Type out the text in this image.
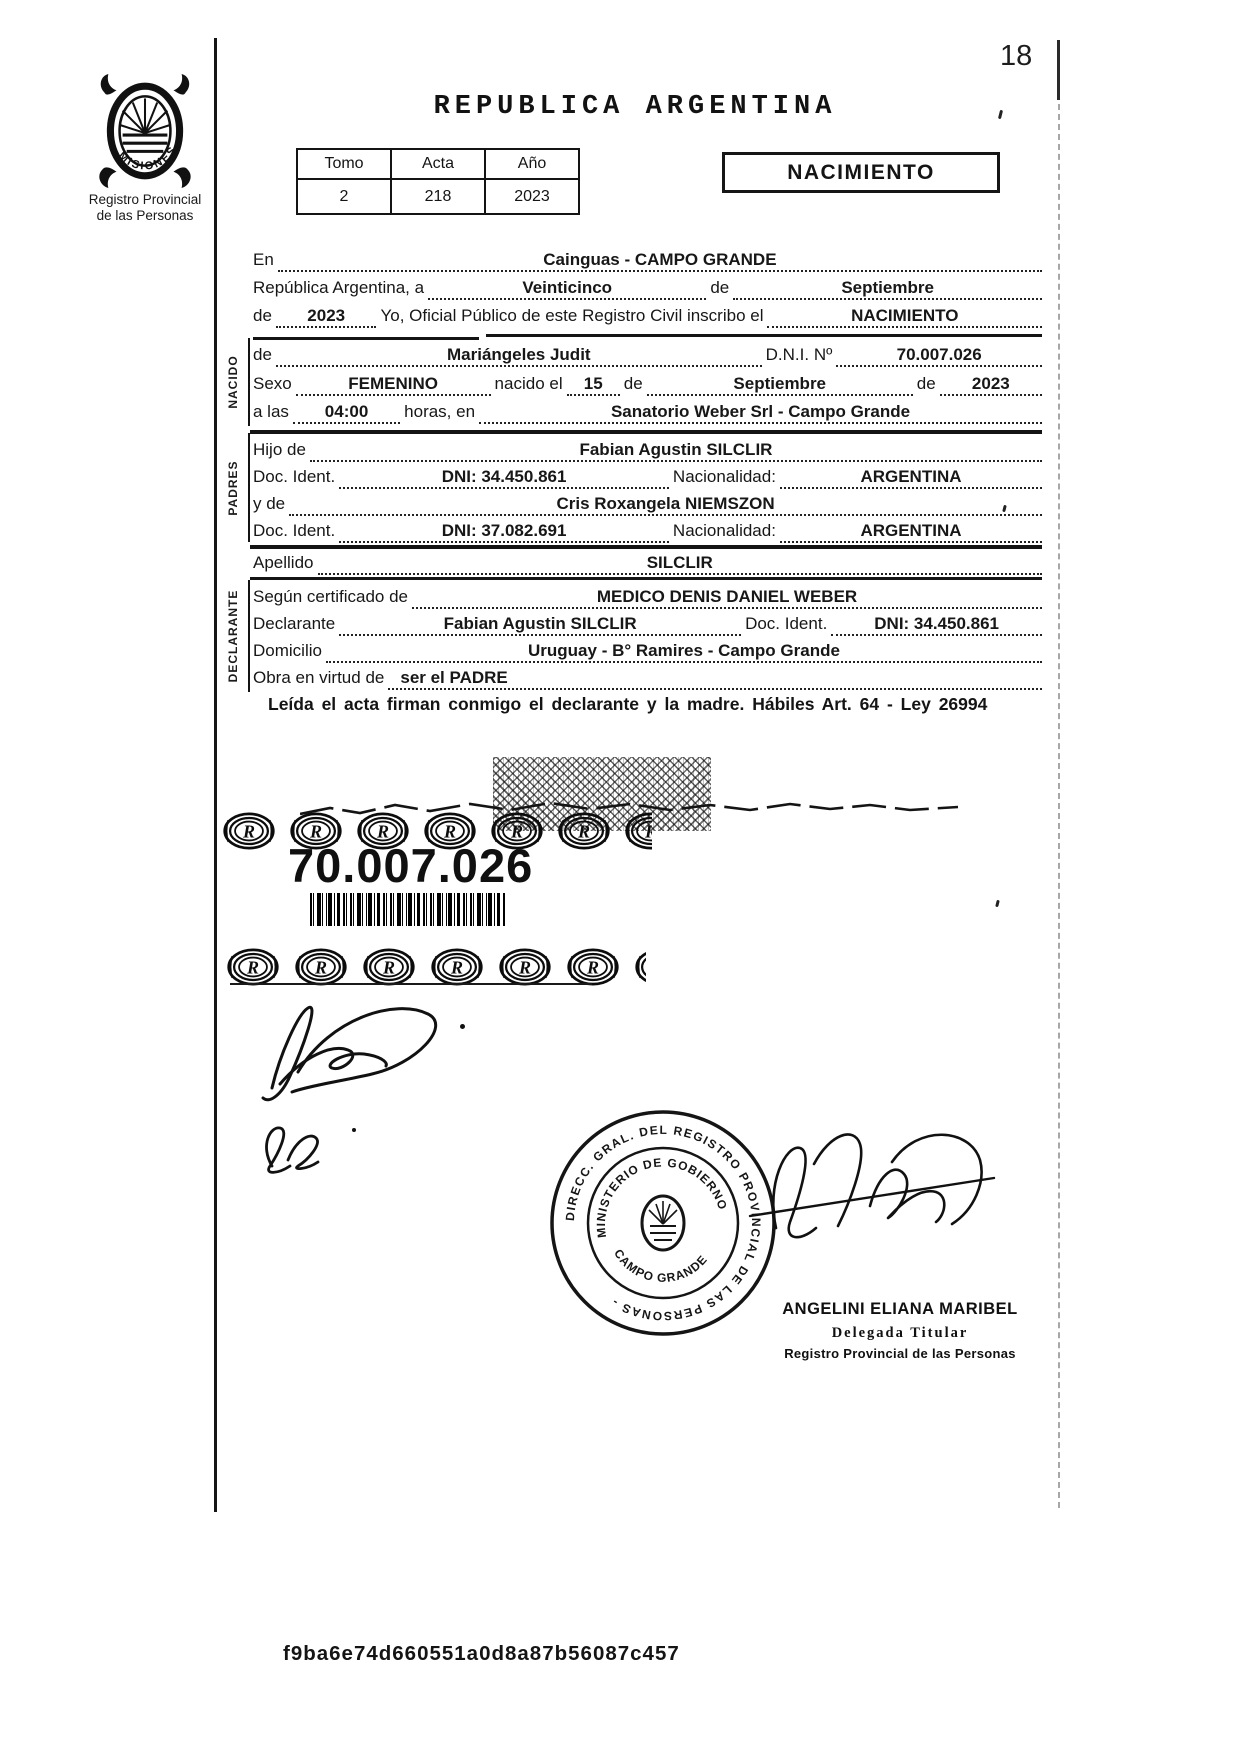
18
MISIONES
Registro Provincial
de las Personas
REPUBLICA ARGENTINA
Tomo	Acta	Año
2	218	2023
NACIMIENTO
En	Cainguas - CAMPO GRANDE
República Argentina, a	Veinticinco	de	Septiembre
de	2023	Yo, Oficial Público de este Registro Civil inscribo el	NACIMIENTO
NACIDO
de	Mariángeles Judit	D.N.I. Nº	70.007.026
Sexo	FEMENINO	nacido el	15	de	Septiembre	de	2023
a las	04:00	horas, en	Sanatorio Weber Srl - Campo Grande
PADRES
Hijo de	Fabian Agustin SILCLIR
Doc. Ident.	DNI: 34.450.861	Nacionalidad:	ARGENTINA
y de	Cris Roxangela NIEMSZON
Doc. Ident.	DNI: 37.082.691	Nacionalidad:	ARGENTINA
Apellido	SILCLIR
DECLARANTE Según certificado de	MEDICO DENIS DANIEL WEBER
Declarante	Fabian Agustin SILCLIR	Doc. Ident.	DNI: 34.450.861
Domicilio	Uruguay - B° Ramires - Campo Grande
Obra en virtud de ser el PADRE
Leída el acta firman conmigo el declarante y la madre. Hábiles Art. 64 - Ley 26994
70.007.026
DIRECC. GRAL. DEL REGISTRO PROVINCIAL DE LAS PERSONAS -
MINISTERIO DE GOBIERNO
CAMPO GRANDE
ANGELINI ELIANA MARIBEL
Delegada Titular
Registro Provincial de las Personas
f9ba6e74d660551a0d8a87b56087c457
